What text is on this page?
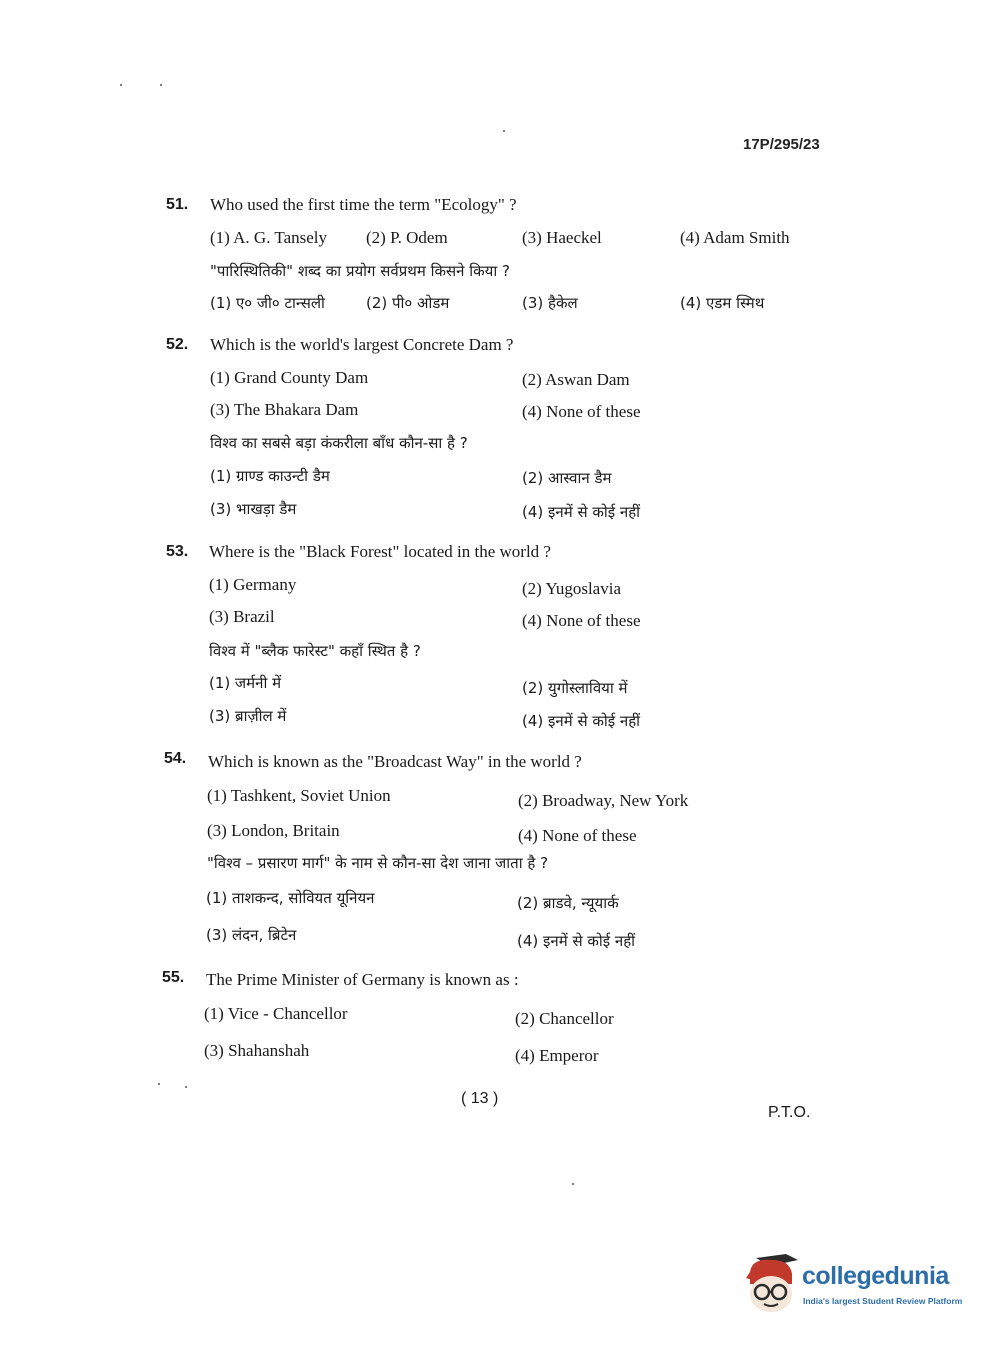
17P/295/23
51. Who used the first time the term "Ecology" ?
(1) A. G. Tansely (2) P. Odem	(3) Haeckel	(4) Adam Smith
"पारिस्थितिकी" शब्द का प्रयोग सर्वप्रथम किसने किया ?
(1) ए० जी० टान्सली	(2) पी० ओडम	(3) हैकेल	(4) एडम स्मिथ
52. Which is the world's largest Concrete Dam ?
(1) Grand County Dam	(2) Aswan Dam
(3) The Bhakara Dam	(4) None of these
विश्व का सबसे बड़ा कंकरीला बाँध कौन-सा है ?
(1) ग्राण्ड काउन्टी डैम	(2) आस्वान डैम
(3) भाखड़ा डैम	(4) इनमें से कोई नहीं
53. Where is the "Black Forest" located in the world ?
(1) Germany	(2) Yugoslavia
(3) Brazil	(4) None of these
विश्व में "ब्लैक फारेस्ट" कहाँ स्थित है ?
(1) जर्मनी में	(2) युगोस्लाविया में
(3) ब्राज़ील में	(4) इनमें से कोई नहीं
54. Which is known as the "Broadcast Way" in the world ?
(1) Tashkent, Soviet Union	(2) Broadway, New York
(3) London, Britain	(4) None of these
"विश्व – प्रसारण मार्ग" के नाम से कौन-सा देश जाना जाता है ?
(1) ताशकन्द, सोवियत यूनियन	(2) ब्राडवे, न्यूयार्क
(3) लंदन, ब्रिटेन	(4) इनमें से कोई नहीं
55. The Prime Minister of Germany is known as :
(1) Vice - Chancellor	(2) Chancellor
(3) Shahanshah	(4) Emperor
( 13 )
P.T.O.
collegedunia
India's largest Student Review Platform
